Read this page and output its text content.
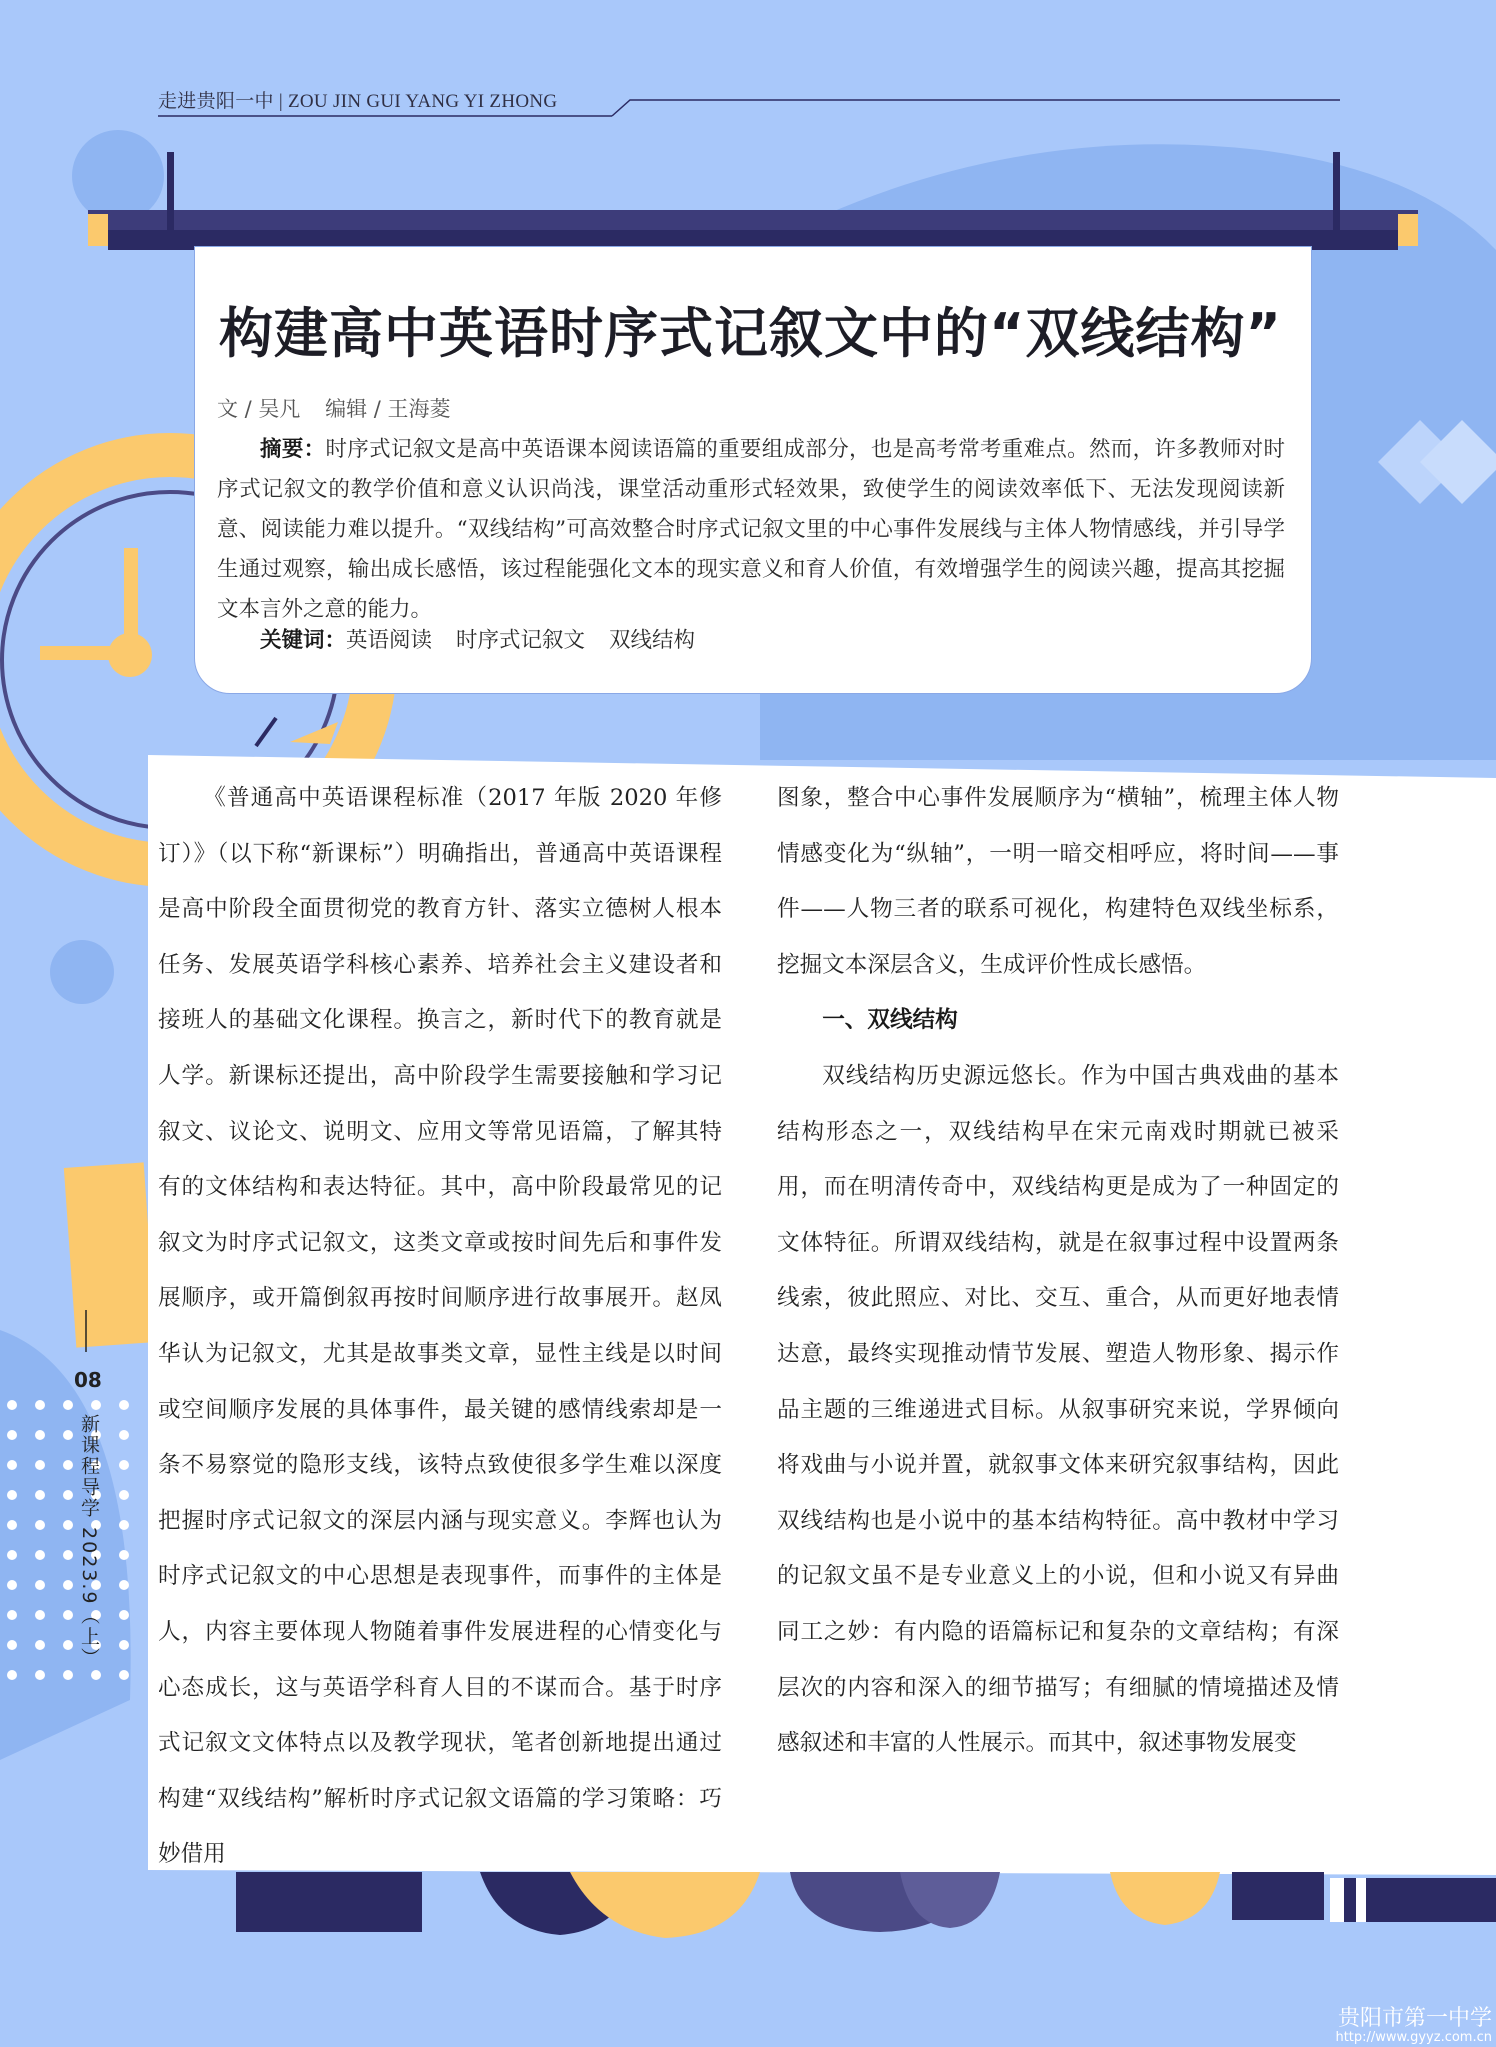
走进贵阳一中 | ZOU JIN GUI YANG YI ZHONG
构建高中英语时序式记叙文中的“双线结构”
文 / 吴凡 编辑 / 王海菱

摘要：时序式记叙文是高中英语课本阅读语篇的重要组成部分，也是高考常考重难点。然而，许多教师对时序式记叙文的教学价值和意义认识尚浅，课堂活动重形式轻效果，致使学生的阅读效率低下、无法发现阅读新意、阅读能力难以提升。“双线结构”可高效整合时序式记叙文里的中心事件发展线与主体人物情感线，并引导学生通过观察，输出成长感悟，该过程能强化文本的现实意义和育人价值，有效增强学生的阅读兴趣，提高其挖掘文本言外之意的能力。

关键词：英语阅读 时序式记叙文 双线结构

《普通高中英语课程标准（2017 年版 2020 年修订）》（以下称“新课标”）明确指出，普通高中英语课程是高中阶段全面贯彻党的教育方针、落实立德树人根本任务、发展英语学科核心素养、培养社会主义建设者和接班人的基础文化课程。换言之，新时代下的教育就是人学。新课标还提出，高中阶段学生需要接触和学习记叙文、议论文、说明文、应用文等常见语篇，了解其特有的文体结构和表达特征。其中，高中阶段最常见的记叙文为时序式记叙文，这类文章或按时间先后和事件发展顺序，或开篇倒叙再按时间顺序进行故事展开。赵凤华认为记叙文，尤其是故事类文章，显性主线是以时间或空间顺序发展的具体事件，最关键的感情线索却是一条不易察觉的隐形支线，该特点致使很多学生难以深度把握时序式记叙文的深层内涵与现实意义。李辉也认为时序式记叙文的中心思想是表现事件，而事件的主体是人，内容主要体现人物随着事件发展进程的心情变化与心态成长，这与英语学科育人目的不谋而合。基于时序式记叙文文体特点以及教学现状，笔者创新地提出通过构建“双线结构”解析时序式记叙文语篇的学习策略：巧妙借用

图象，整合中心事件发展顺序为“横轴”，梳理主体人物情感变化为“纵轴”，一明一暗交相呼应，将时间——事件——人物三者的联系可视化，构建特色双线坐标系，挖掘文本深层含义，生成评价性成长感悟。

一、双线结构

双线结构历史源远悠长。作为中国古典戏曲的基本结构形态之一，双线结构早在宋元南戏时期就已被采用，而在明清传奇中，双线结构更是成为了一种固定的文体特征。所谓双线结构，就是在叙事过程中设置两条线索，彼此照应、对比、交互、重合，从而更好地表情达意，最终实现推动情节发展、塑造人物形象、揭示作品主题的三维递进式目标。从叙事研究来说，学界倾向将戏曲与小说并置，就叙事文体来研究叙事结构，因此双线结构也是小说中的基本结构特征。高中教材中学习的记叙文虽不是专业意义上的小说，但和小说又有异曲同工之妙：有内隐的语篇标记和复杂的文章结构；有深层次的内容和深入的细节描写；有细腻的情境描述及情感叙述和丰富的人性展示。而其中，叙述事物发展变

08
新课程导学 2023.9（上）
贵阳市第一中学
http://www.gyyz.com.cn
